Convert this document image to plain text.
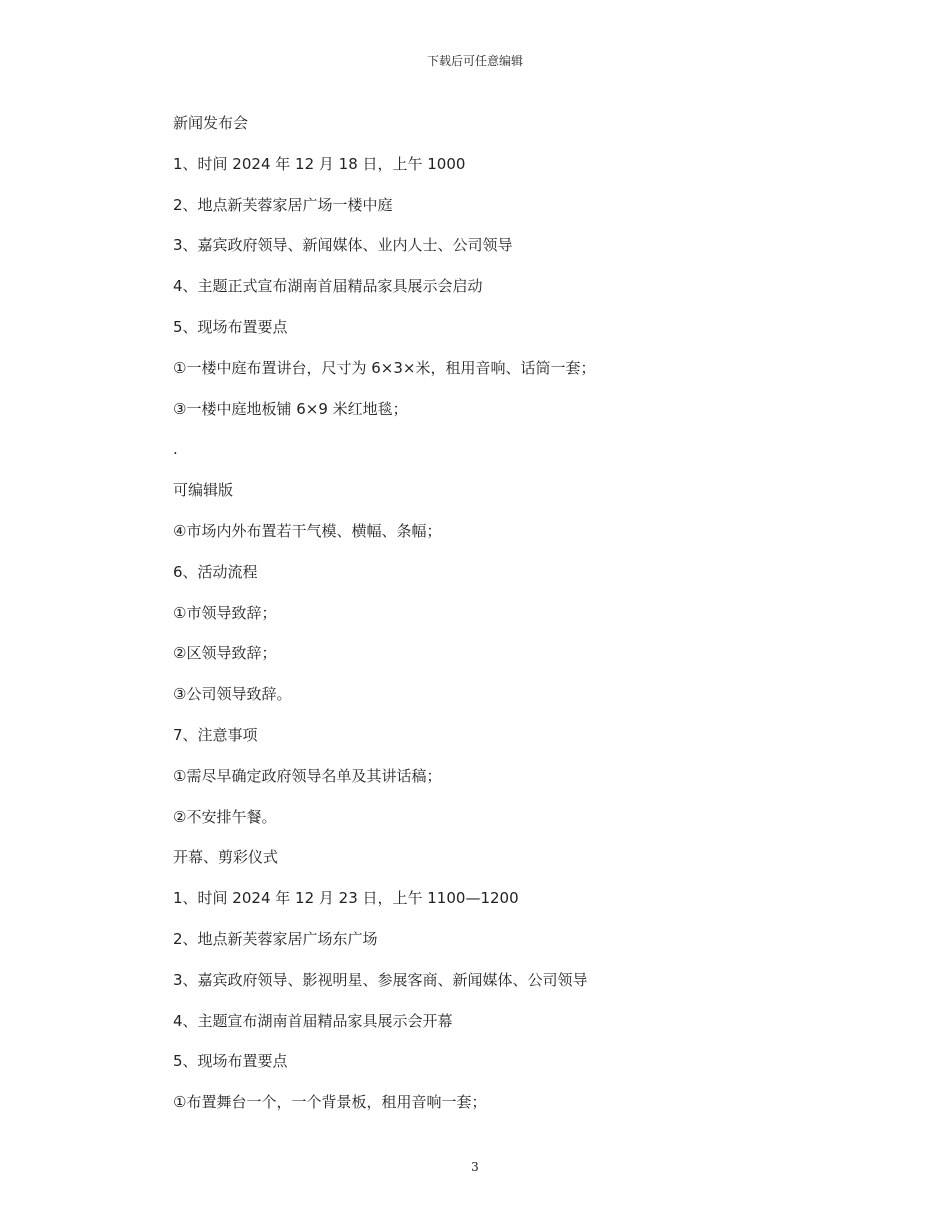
下载后可任意编辑
新闻发布会
1、时间 2024 年 12 月 18 日，上午 1000
2、地点新芙蓉家居广场一楼中庭
3、嘉宾政府领导、新闻媒体、业内人士、公司领导
4、主题正式宣布湖南首届精品家具展示会启动
5、现场布置要点
①一楼中庭布置讲台，尺寸为 6×3×米，租用音响、话筒一套；
③一楼中庭地板铺 6×9 米红地毯；
.
可编辑版
④市场内外布置若干气模、横幅、条幅；
6、活动流程
①市领导致辞；
②区领导致辞；
③公司领导致辞。
7、注意事项
①需尽早确定政府领导名单及其讲话稿；
②不安排午餐。
开幕、剪彩仪式
1、时间 2024 年 12 月 23 日，上午 1100—1200
2、地点新芙蓉家居广场东广场
3、嘉宾政府领导、影视明星、参展客商、新闻媒体、公司领导
4、主题宣布湖南首届精品家具展示会开幕
5、现场布置要点
①布置舞台一个，一个背景板，租用音响一套；
3
